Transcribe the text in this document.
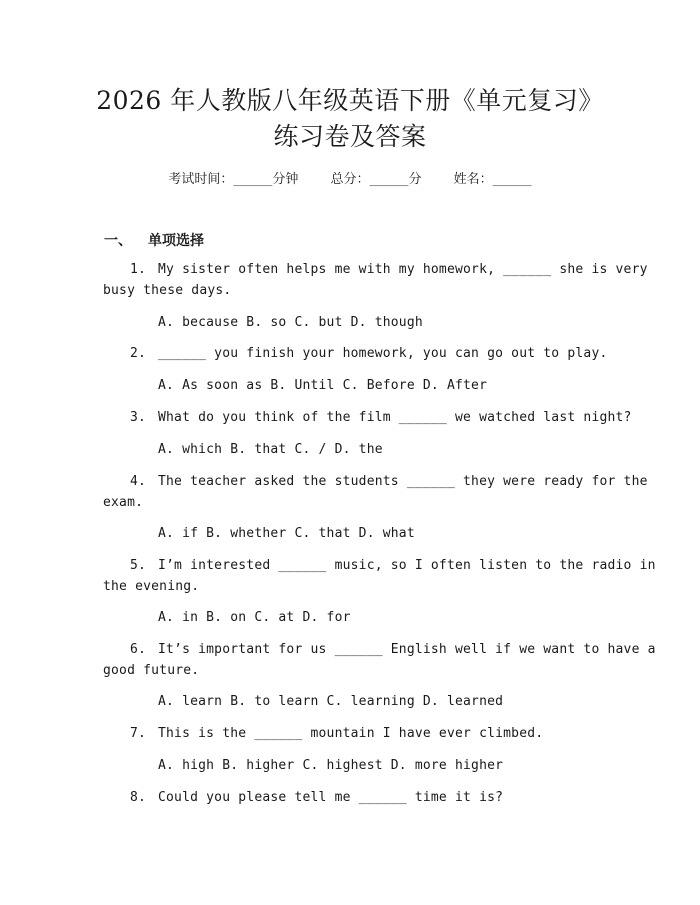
2026 年人教版八年级英语下册《单元复习》
练习卷及答案
考试时间：______分钟 总分：______分 姓名：______
一、 单项选择
1. My sister often helps me with my homework, ______ she is very
busy these days.
A. because B. so C. but D. though
2. ______ you finish your homework, you can go out to play.
A. As soon as B. Until C. Before D. After
3. What do you think of the film ______ we watched last night?
A. which B. that C. / D. the
4. The teacher asked the students ______ they were ready for the
exam.
A. if B. whether C. that D. what
5. I’m interested ______ music, so I often listen to the radio in
the evening.
A. in B. on C. at D. for
6. It’s important for us ______ English well if we want to have a
good future.
A. learn B. to learn C. learning D. learned
7. This is the ______ mountain I have ever climbed.
A. high B. higher C. highest D. more higher
8. Could you please tell me ______ time it is?
